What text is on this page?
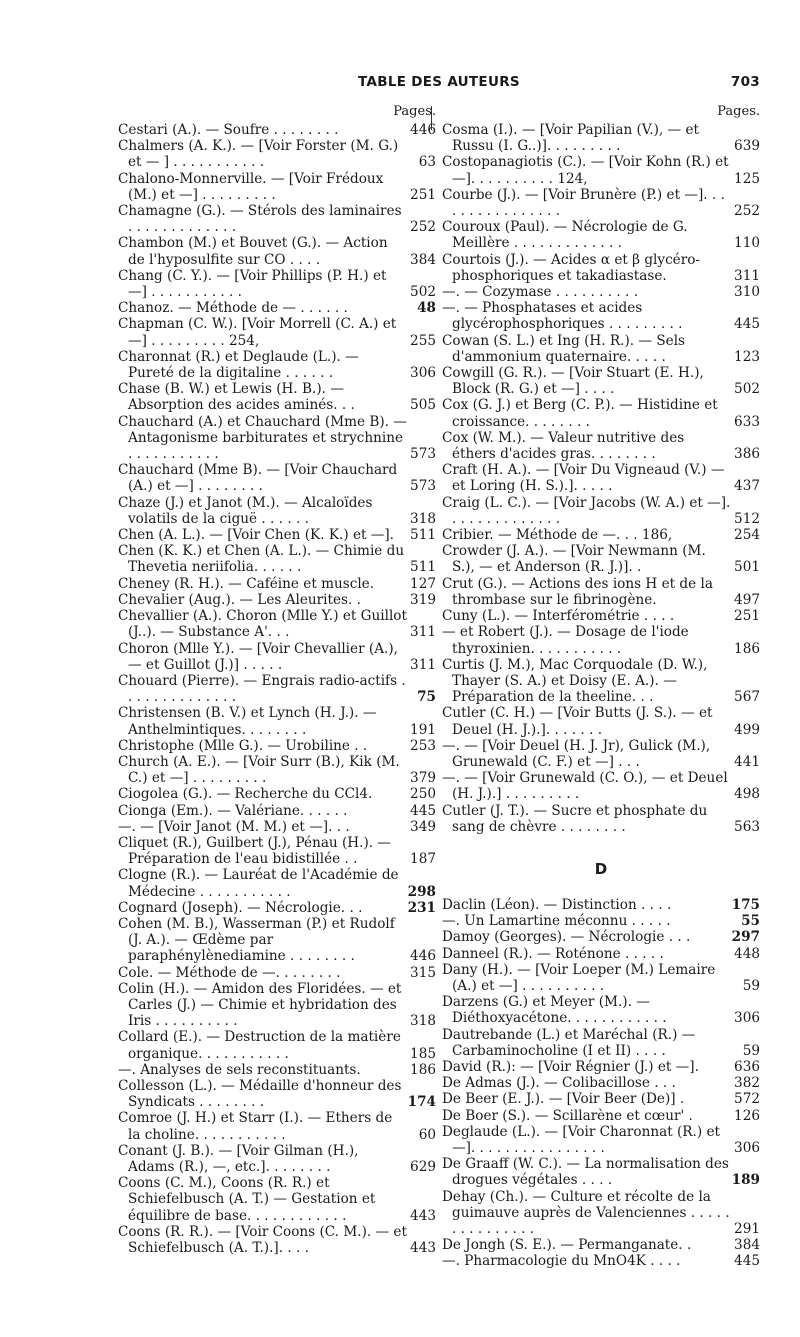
TABLE DES AUTEURS	703
Pages.
Cestari (A.). — Soufre . . . . . . . .	446
Chalmers (A. K.). — [Voir Forster (M. G.) et — ] . . . . . . . . . . .	63
Chalono-Monnerville. — [Voir Frédoux (M.) et —] . . . . . . . . .	251
Chamagne (G.). — Stérols des laminaires . . . . . . . . . . . . .	252
Chambon (M.) et Bouvet (G.). — Action de l'hyposulfite sur CO . . . .	384
Chang (C. Y.). — [Voir Phillips (P. H.) et —] . . . . . . . . . . .	502
Chanoz. — Méthode de — . . . . . .	48
Chapman (C. W.). [Voir Morrell (C. A.) et —] . . . . . . . . . 254,	255
Charonnat (R.) et Deglaude (L.). — Pureté de la digitaline . . . . . .	306
Chase (B. W.) et Lewis (H. B.). — Absorption des acides aminés. . .	505
Chauchard (A.) et Chauchard (Mme B). — Antagonisme barbiturates et strychnine . . . . . . . . . . .	573
Chauchard (Mme B). — [Voir Chauchard (A.) et —] . . . . . . . .	573
Chaze (J.) et Janot (M.). — Alcaloïdes volatils de la ciguë . . . . . .	318
Chen (A. L.). — [Voir Chen (K. K.) et —]. 511
Chen (K. K.) et Chen (A. L.). — Chimie du Thevetia neriifolia. . . . . .	511
Cheney (R. H.). — Caféine et muscle.	127
Chevalier (Aug.). — Les Aleurites. .	319
Chevallier (A.). Choron (Mlle Y.) et Guillot (J..). — Substance A'. . .	311
Choron (Mlle Y.). — [Voir Chevallier (A.), — et Guillot (J.)] . . . . .	311
Chouard (Pierre). — Engrais radio-actifs . . . . . . . . . . . . . .	75
Christensen (B. V.) et Lynch (H. J.). — Anthelmintiques. . . . . . . .	191
Christophe (Mlle G.). — Urobiline . .	253
Church (A. E.). — [Voir Surr (B.), Kik (M. C.) et —] . . . . . . . . .	379
Ciogolea (G.). — Recherche du CCl4.	250
Cionga (Em.). — Valériane. . . . . .	445
—. — [Voir Janot (M. M.) et —]. . .	349
Cliquet (R.), Guilbert (J.), Pénau (H.). — Préparation de l'eau bidistillée . .	187
Clogne (R.). — Lauréat de l'Académie de Médecine . . . . . . . . . . .	298
Cognard (Joseph). — Nécrologie. . .	231
Cohen (M. B.), Wasserman (P.) et Rudolf (J. A.). — Œdème par paraphénylènediamine . . . . . . . .	446
Cole. — Méthode de —. . . . . . . .	315
Colin (H.). — Amidon des Floridées. — et Carles (J.) — Chimie et hybridation des Iris . . . . . . . . . .	318
Collard (E.). — Destruction de la matière organique. . . . . . . . . . .	185
—. Analyses de sels reconstituants.	186
Collesson (L.). — Médaille d'honneur des Syndicats . . . . . . . .	174
Comroe (J. H.) et Starr (I.). — Ethers de la choline. . . . . . . . . . .	60
Conant (J. B.). — [Voir Gilman (H.), Adams (R.), —, etc.]. . . . . . . .	629
Coons (C. M.), Coons (R. R.) et Schiefelbusch (A. T.) — Gestation et équilibre de base. . . . . . . . . . . .	443
Coons (R. R.). — [Voir Coons (C. M.). — et Schiefelbusch (A. T.).]. . . .	443
Pages.
Cosma (I.). — [Voir Papilian (V.), — et Russu (I. G..)]. . . . . . . . .	639
Costopanagiotis (C.). — [Voir Kohn (R.) et —]. . . . . . . . . . 124,	125
Courbe (J.). — [Voir Brunère (P.) et —]. . . . . . . . . . . . . . . .	252
Couroux (Paul). — Nécrologie de G. Meillère . . . . . . . . . . . . .	110
Courtois (J.). — Acides α et β glycéro-phosphoriques et takadiastase.	311
—. — Cozymase . . . . . . . . . .	310
—. — Phosphatases et acides glycérophosphoriques . . . . . . . . .	445
Cowan (S. L.) et Ing (H. R.). — Sels d'ammonium quaternaire. . . . .	123
Cowgill (G. R.). — [Voir Stuart (E. H.), Block (R. G.) et —] . . . .	502
Cox (G. J.) et Berg (C. P.). — Histidine et croissance. . . . . . . .	633
Cox (W. M.). — Valeur nutritive des éthers d'acides gras. . . . . . . .	386
Craft (H. A.). — [Voir Du Vigneaud (V.) — et Loring (H. S.).]. . . . .	437
Craig (L. C.). — [Voir Jacobs (W. A.) et —]. . . . . . . . . . . . . .	512
Cribier. — Méthode de —. . . 186,	254
Crowder (J. A.). — [Voir Newmann (M. S.), — et Anderson (R. J.)]. .	501
Crut (G.). — Actions des ions H et de la thrombase sur le fibrinogène.	497
Cuny (L.). — Interférométrie . . . .	251
— et Robert (J.). — Dosage de l'iode thyroxinien. . . . . . . . . . .	186
Curtis (J. M.), Mac Corquodale (D. W.), Thayer (S. A.) et Doisy (E. A.). — Préparation de la theeline. . .	567
Cutler (C. H.) — [Voir Butts (J. S.). — et Deuel (H. J.).]. . . . . . .	499
—. — [Voir Deuel (H. J. Jr), Gulick (M.), Grunewald (C. F.) et —] . . .	441
—. — [Voir Grunewald (C. O.), — et Deuel (H. J.).] . . . . . . . . .	498
Cutler (J. T.). — Sucre et phosphate du sang de chèvre . . . . . . . .	563
D
Daclin (Léon). — Distinction . . . .	175
—. Un Lamartine méconnu . . . . .	55
Damoy (Georges). — Nécrologie . . .	297
Danneel (R.). — Roténone . . . . .	448
Dany (H.). — [Voir Loeper (M.) Lemaire (A.) et —] . . . . . . . . . .	59
Darzens (G.) et Meyer (M.). — Diéthoxyacétone. . . . . . . . . . . .	306
Dautrebande (L.) et Maréchal (R.) — Carbaminocholine (I et II) . . . .	59
David (R.): — [Voir Régnier (J.) et —].	636
De Admas (J.). — Colibacillose . . .	382
De Beer (E. J.). — [Voir Beer (De)] .	572
De Boer (S.). — Scillarène et cœur' .	126
Deglaude (L.). — [Voir Charonnat (R.) et —]. . . . . . . . . . . . . . . .	306
De Graaff (W. C.). — La normalisation des drogues végétales . . . .	189
Dehay (Ch.). — Culture et récolte de la guimauve auprès de Valenciennes . . . . . . . . . . . . . . .	291
De Jongh (S. E.). — Permanganate. .	384
—. Pharmacologie du MnO4K . . . .	445
